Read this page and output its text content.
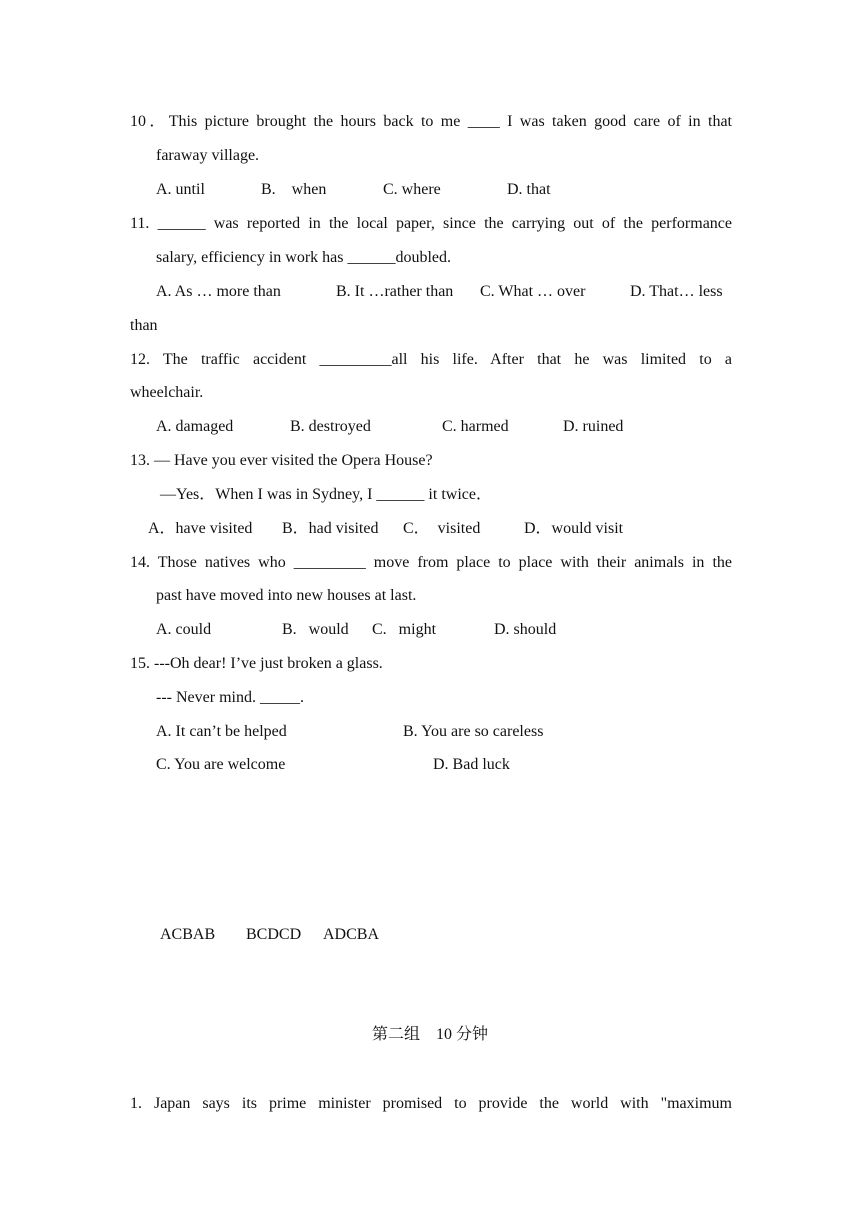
10．This picture brought the hours back to me ____ I was taken good care of in that
faraway village.
A. until	B.    when	C. where	D. that
11. ______ was reported in the local paper, since the carrying out of the performance
salary, efficiency in work has ______doubled.
A. As … more than	B. It …rather than C. What … over	D. That… less
than
12. The traffic accident _________all his life. After that he was limited to a
wheelchair.
A. damaged	B. destroyed	C. harmed	D. ruined
13. — Have you ever visited the Opera House?
—Yes．When I was in Sydney, I ______ it twice．
A．have visited B．had visited C．  visited	D．would visit
14. Those natives who _________ move from place to place with their animals in the
past have moved into new houses at last.
A. could	B.   would C.   might	D. should
15. ---Oh dear! I’ve just broken a glass.
--- Never mind. _____.
A. It can’t be helped	B. You are so careless
C. You are welcome	D. Bad luck
ACBAB BCDCD ADCBA
第二组    10 分钟
1. Japan says its prime minister promised to provide the world with "maximum
